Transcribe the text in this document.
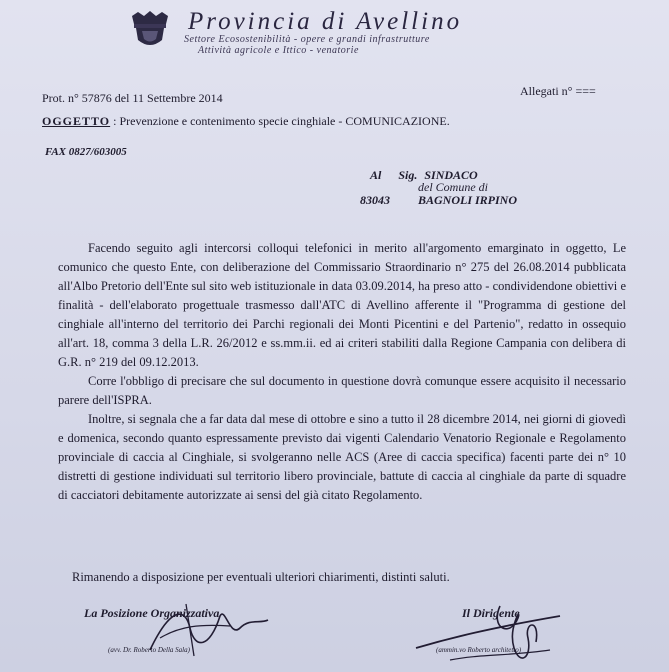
Provincia di Avellino
Settore Ecosostenibilità - opere e grandi infrastrutture
Attività agricole e Ittico - venatorie
Prot. n° 57876 del 11 Settembre 2014	Allegati n° ===
OGGETTO : Prevenzione e contenimento specie cinghiale - COMUNICAZIONE.
FAX 0827/603005
Al Sig. SINDACO
del Comune di
83043 BAGNOLI IRPINO

Facendo seguito agli intercorsi colloqui telefonici in merito all'argomento emarginato in oggetto, Le comunico che questo Ente, con deliberazione del Commissario Straordinario n° 275 del 26.08.2014 pubblicata all'Albo Pretorio dell'Ente sul sito web istituzionale in data 03.09.2014, ha preso atto - condividendone obiettivi e finalità - dell'elaborato progettuale trasmesso dall'ATC di Avellino afferente il "Programma di gestione del cinghiale all'interno del territorio dei Parchi regionali dei Monti Picentini e del Partenio", redatto in ossequio all'art. 18, comma 3 della L.R. 26/2012 e ss.mm.ii. ed ai criteri stabiliti dalla Regione Campania con delibera di G.R. n° 219 del 09.12.2013.

Corre l'obbligo di precisare che sul documento in questione dovrà comunque essere acquisito il necessario parere dell'ISPRA.

Inoltre, si segnala che a far data dal mese di ottobre e sino a tutto il 28 dicembre 2014, nei giorni di giovedì e domenica, secondo quanto espressamente previsto dai vigenti Calendario Venatorio Regionale e Regolamento provinciale di caccia al Cinghiale, si svolgeranno nelle ACS (Aree di caccia specifica) facenti parte dei n° 10 distretti di gestione individuati sul territorio libero provinciale, battute di caccia al cinghiale da parte di squadre di cacciatori debitamente autorizzate ai sensi del già citato Regolamento.

Rimanendo a disposizione per eventuali ulteriori chiarimenti, distinti saluti.
La Posizione Organizzativa
(avv. Dr. Roberto Della Sala)
Il Dirigente
(ammin.vo Roberto architetto)
